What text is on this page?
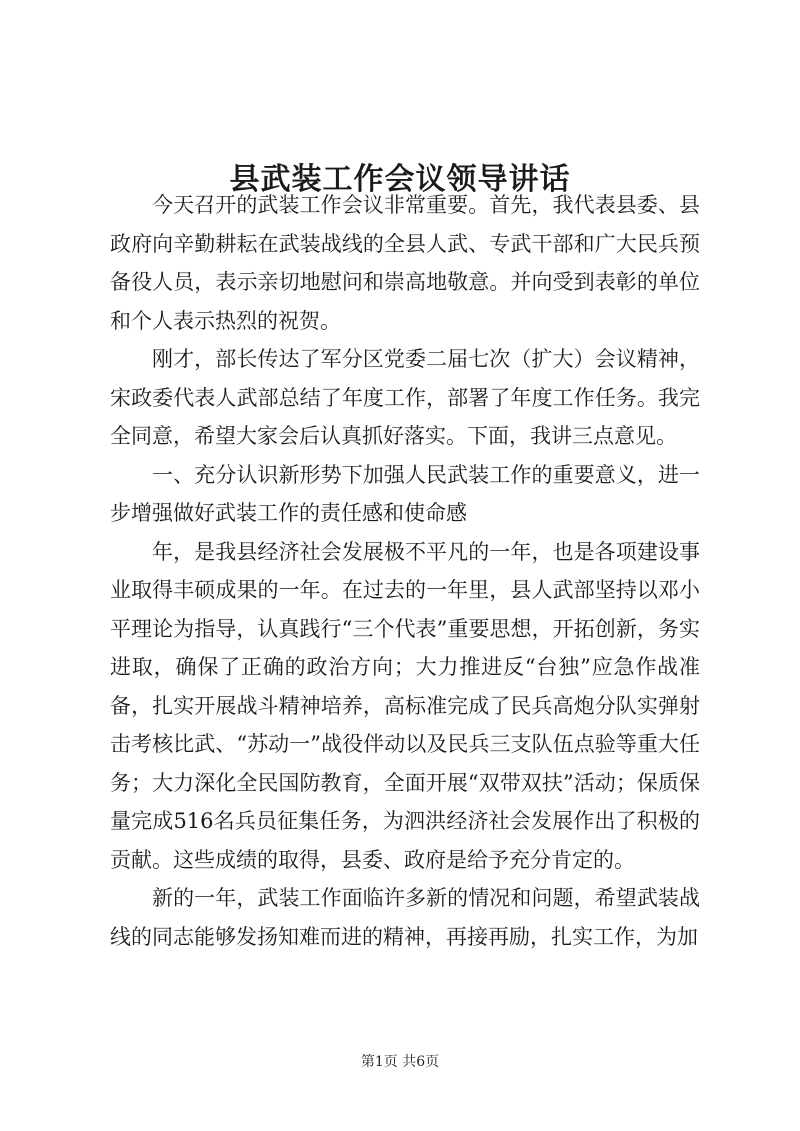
县武装工作会议领导讲话

今天召开的武装工作会议非常重要。首先，我代表县委、县政府向辛勤耕耘在武装战线的全县人武、专武干部和广大民兵预备役人员，表示亲切地慰问和崇高地敬意。并向受到表彰的单位和个人表示热烈的祝贺。

刚才，部长传达了军分区党委二届七次（扩大）会议精神，宋政委代表人武部总结了年度工作，部署了年度工作任务。我完全同意，希望大家会后认真抓好落实。下面，我讲三点意见。

一、充分认识新形势下加强人民武装工作的重要意义，进一步增强做好武装工作的责任感和使命感

年，是我县经济社会发展极不平凡的一年，也是各项建设事业取得丰硕成果的一年。在过去的一年里，县人武部坚持以邓小平理论为指导，认真践行“三个代表”重要思想，开拓创新，务实进取，确保了正确的政治方向；大力推进反“台独”应急作战准备，扎实开展战斗精神培养，高标准完成了民兵高炮分队实弹射击考核比武、“苏动一”战役伴动以及民兵三支队伍点验等重大任务；大力深化全民国防教育，全面开展“双带双扶”活动；保质保量完成516名兵员征集任务，为泗洪经济社会发展作出了积极的贡献。这些成绩的取得，县委、政府是给予充分肯定的。

新的一年，武装工作面临许多新的情况和问题，希望武装战线的同志能够发扬知难而进的精神，再接再励，扎实工作，为加

第1页 共6页
